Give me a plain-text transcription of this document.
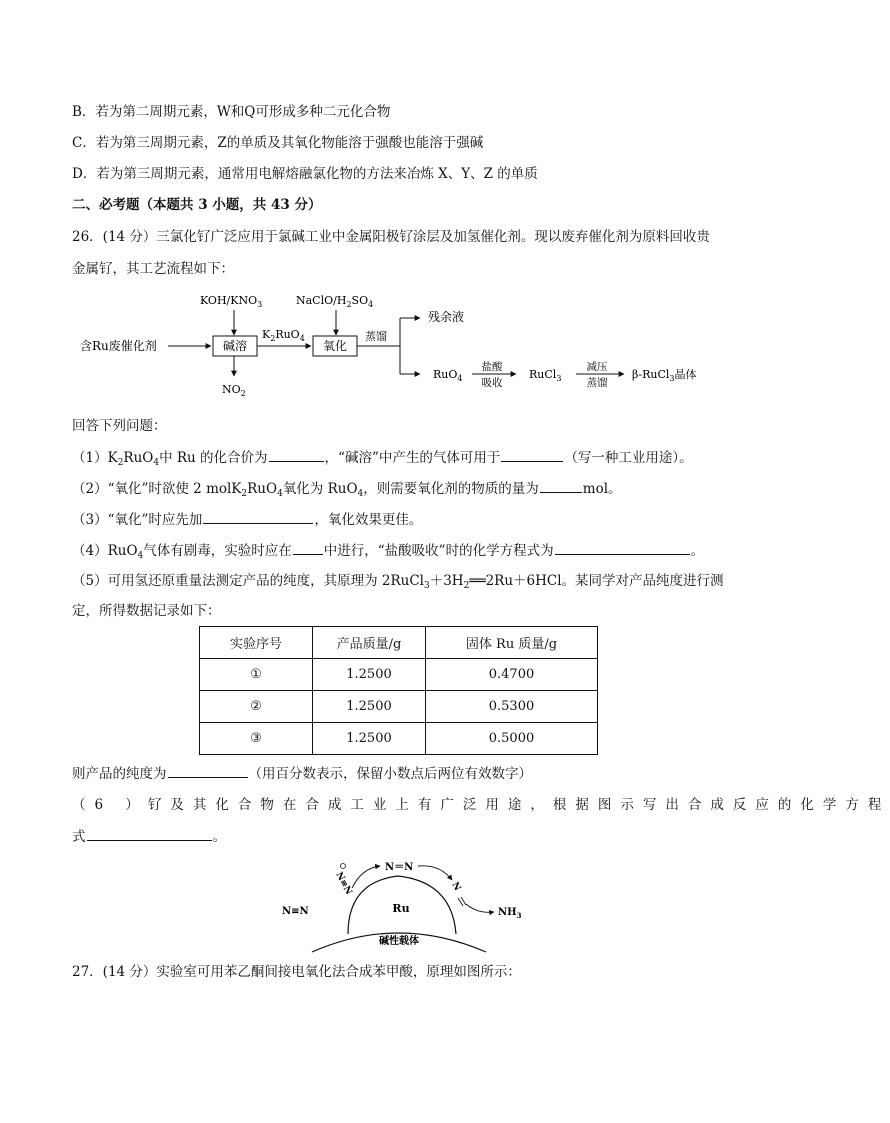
B．若为第二周期元素，W和Q可形成多种二元化合物
C．若为第三周期元素，Z的单质及其氧化物能溶于强酸也能溶于强碱
D．若为第三周期元素，通常用电解熔融氯化物的方法来冶炼 X、Y、Z 的单质
二、必考题（本题共 3 小题，共 43 分）
26．(14 分）三氯化钌广泛应用于氯碱工业中金属阳极钌涂层及加氢催化剂。现以废弃催化剂为原料回收贵
金属钌，其工艺流程如下：
KOH/$KNO_3$	NaClO/$H_2SO_4$
含Ru废催化剂	碱溶
$NO_2$
$K_2RuO_4$
氧化
蒸馏
残余液
RuO$_4$
盐酸
吸收
RuCl$_3$
减压
蒸馏
β-RuCl$_3$晶体
回答下列问题：
$(1)K_2RuO_4$中 Ru 的化合价为	，“碱溶”中产生的气体可用于	（写一种工业用途）。
（2）“氧化”时欲使 2 molK$_2$RuO$_4$氧化为 RuO$_4$，则需要氧化剂的物质的量为	mol。
（3）“氧化”时应先加	，氧化效果更佳。
（4）RuO$_4$气体有剧毒，实验时应在 中进行，“盐酸吸收”时的化学方程式为	。
（5）可用氢还原重量法测定产品的纯度，其原理为 $2RuCl_3+3H_2══2Ru+6HCl$。某同学对产品纯度进行测
定，所得数据记录如下：
实验序号	产品质量/g	固体 Ru 质量/g
①	1.2500	0.4700
②	1.2500	0.5300
③	1.2500	0.5000
则产品的纯度为	（用百分数表示，保留小数点后两位有效数字）
（6 ）钌及其化合物在合成工业上有广泛用途，根据图示写出合成反应的化学方程
式	。
碱性载体
Ru
N≡N
N≡N
N＝N
N
$NH_3$
27．(14 分）实验室可用苯乙酮间接电氧化法合成苯甲酸，原理如图所示：
